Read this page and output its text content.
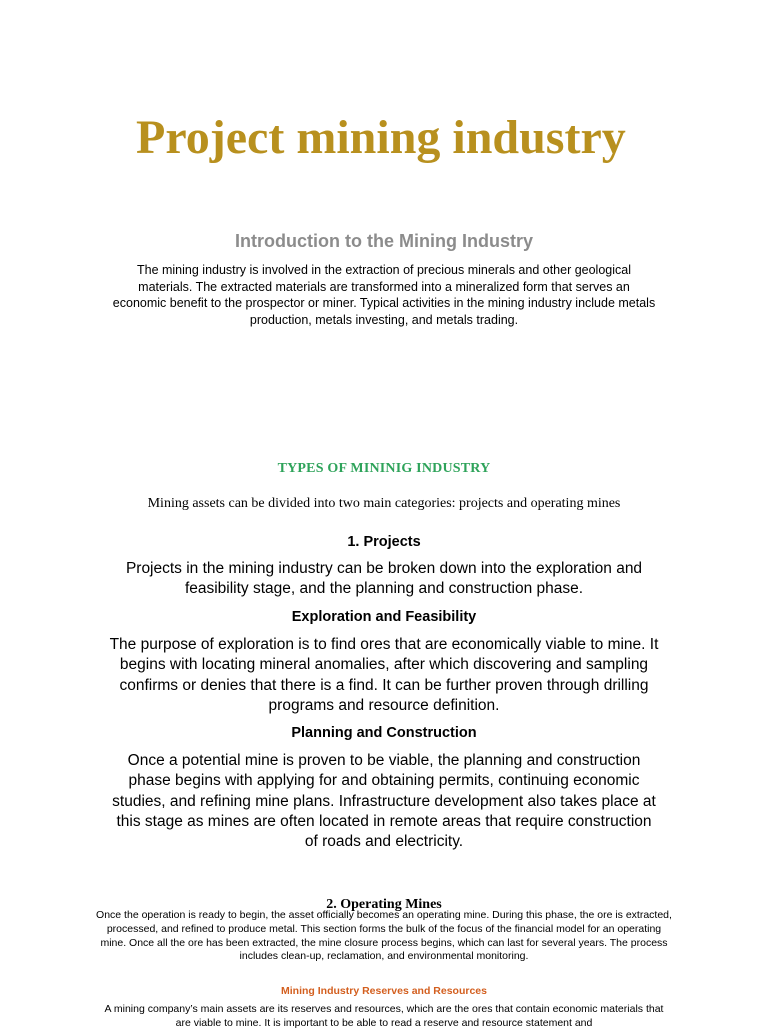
Project mining industry
Introduction to the Mining Industry

The mining industry is involved in the extraction of precious minerals and other geological materials. The extracted materials are transformed into a mineralized form that serves an economic benefit to the prospector or miner. Typical activities in the mining industry include metals production, metals investing, and metals trading.

TYPES OF MININIG INDUSTRY

Mining assets can be divided into two main categories: projects and operating mines

1. Projects

Projects in the mining industry can be broken down into the exploration and feasibility stage, and the planning and construction phase.

Exploration and Feasibility

The purpose of exploration is to find ores that are economically viable to mine. It begins with locating mineral anomalies, after which discovering and sampling confirms or denies that there is a find. It can be further proven through drilling programs and resource definition.

Planning and Construction

Once a potential mine is proven to be viable, the planning and construction phase begins with applying for and obtaining permits, continuing economic studies, and refining mine plans. Infrastructure development also takes place at this stage as mines are often located in remote areas that require construction of roads and electricity.

2. Operating Mines

Once the operation is ready to begin, the asset officially becomes an operating mine. During this phase, the ore is extracted, processed, and refined to produce metal. This section forms the bulk of the focus of the financial model for an operating mine. Once all the ore has been extracted, the mine closure process begins, which can last for several years. The process includes clean-up, reclamation, and environmental monitoring.

Mining Industry Reserves and Resources

A mining company’s main assets are its reserves and resources, which are the ores that contain economic materials that are viable to mine. It is important to be able to read a reserve and resource statement and
